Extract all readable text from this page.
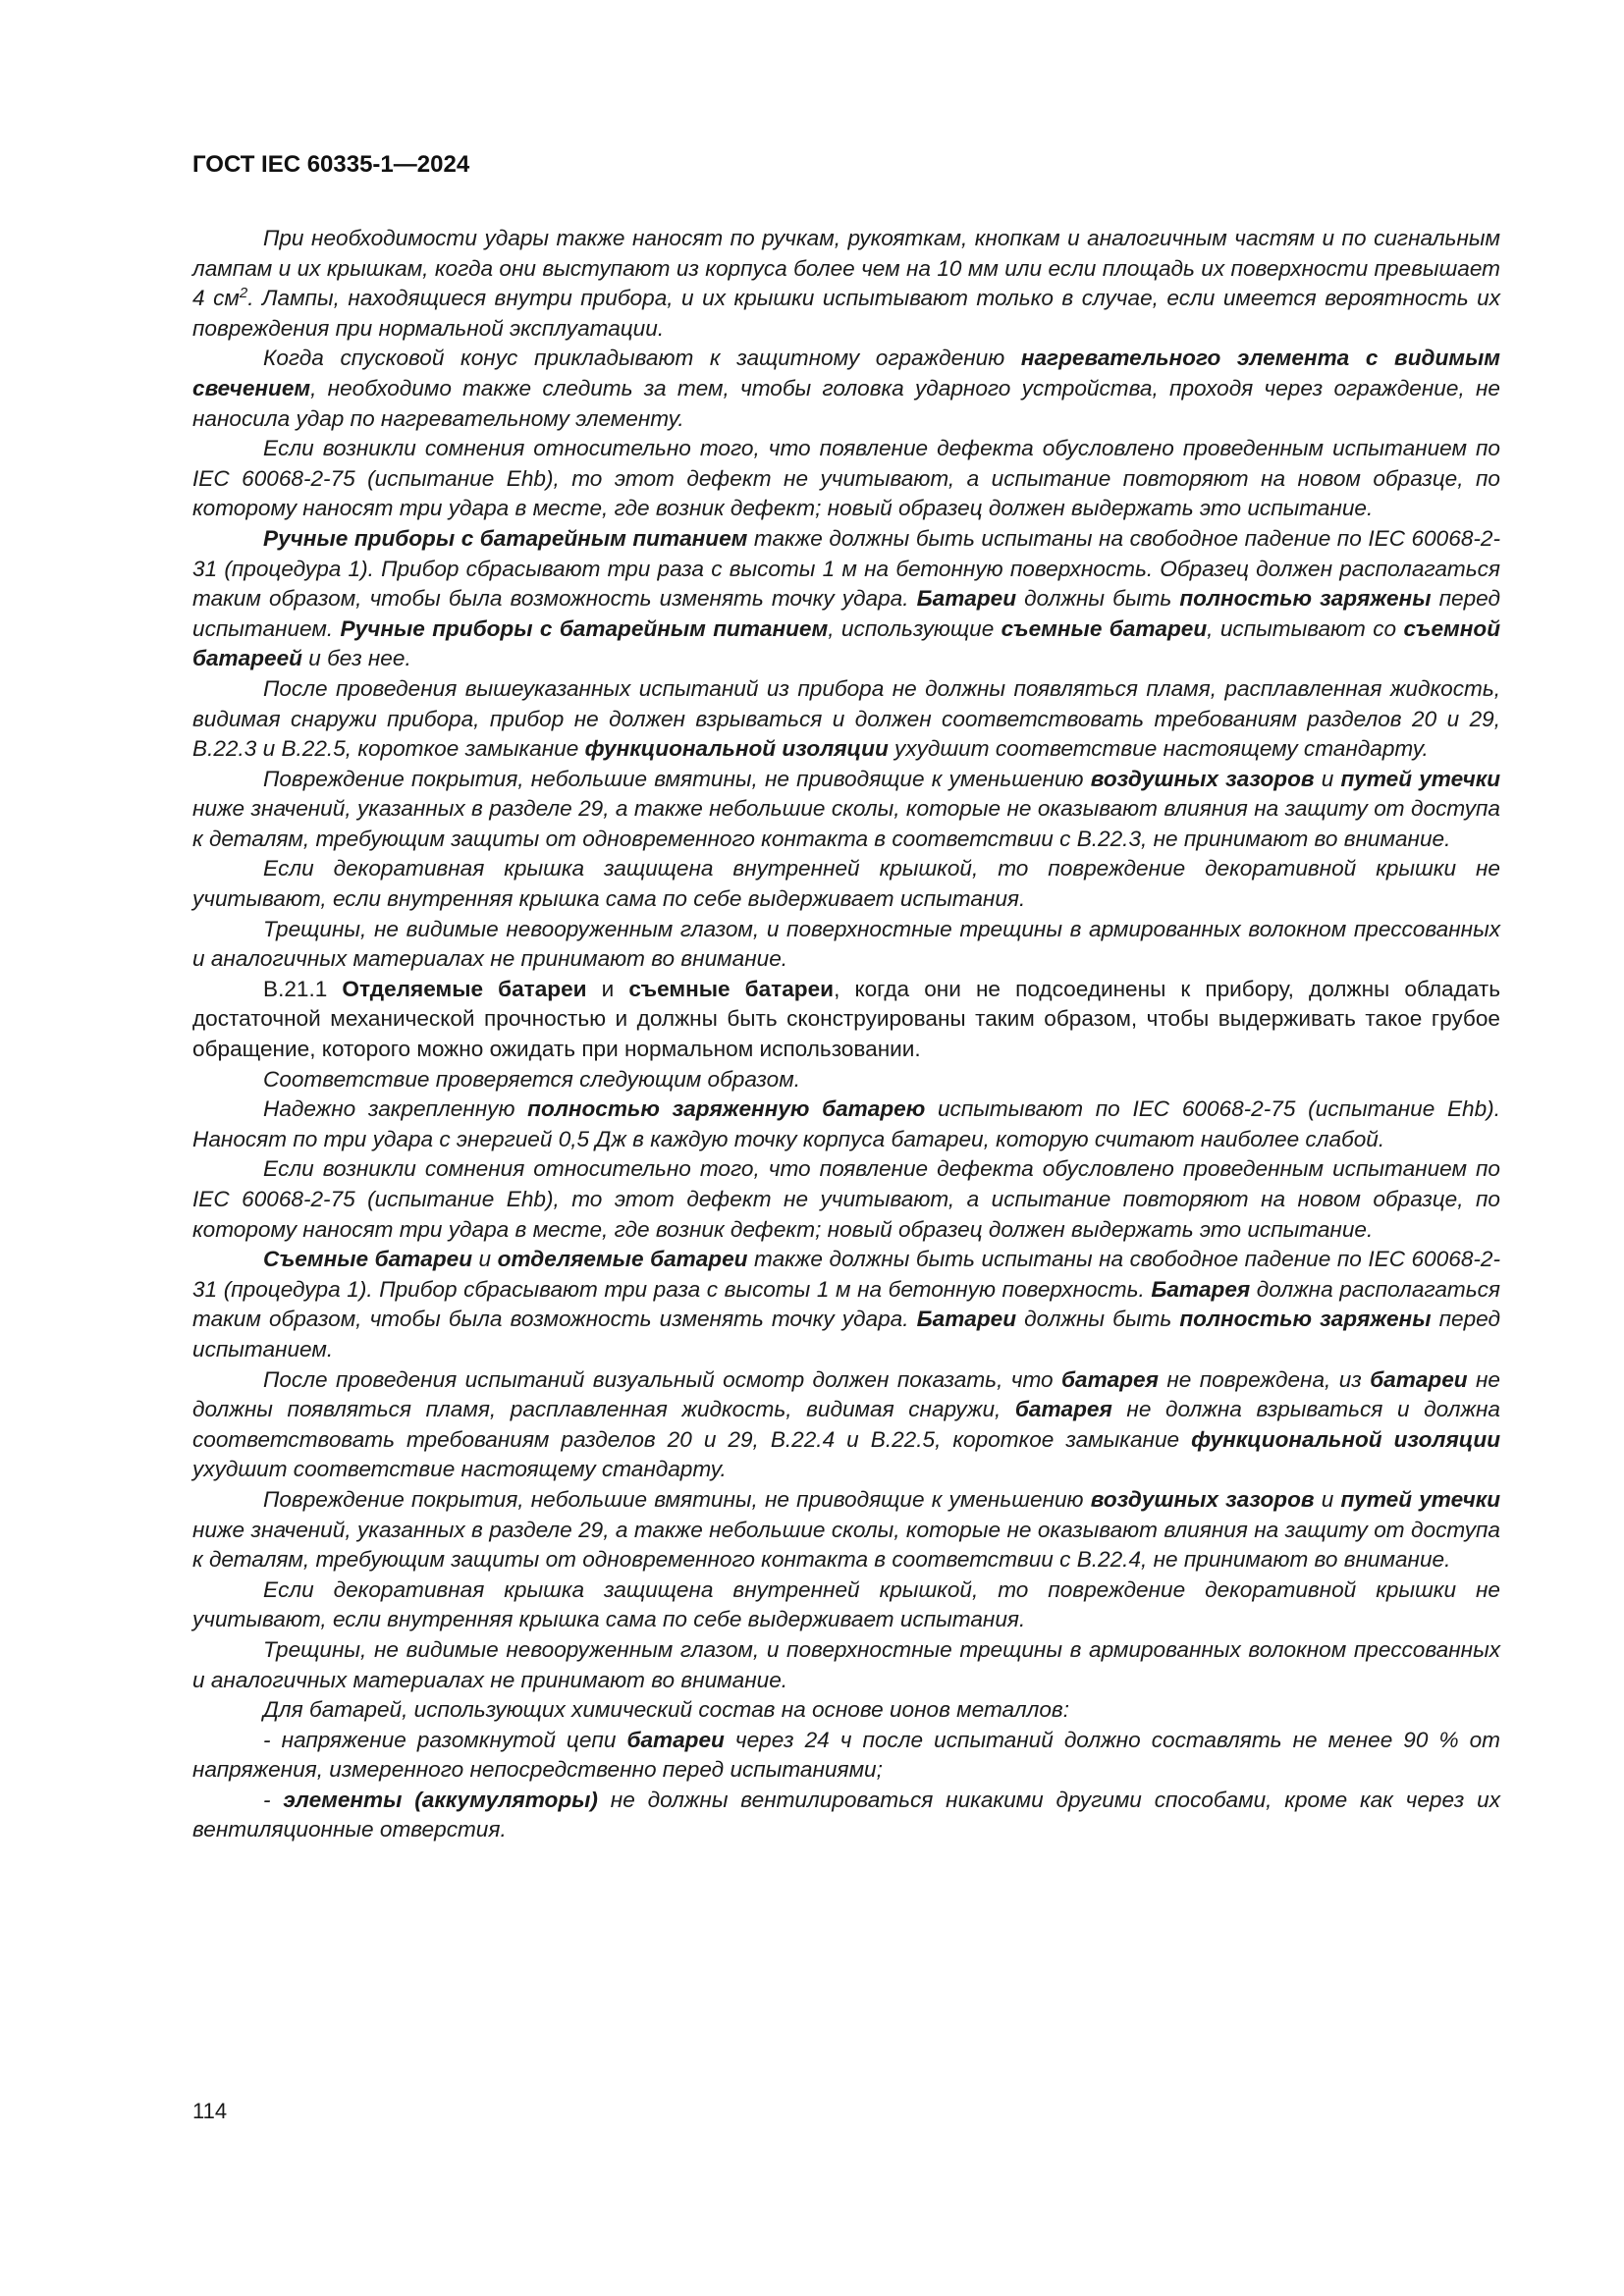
ГОСТ IEC 60335-1—2024

При необходимости удары также наносят по ручкам, рукояткам, кнопкам и аналогичным частям и по сигнальным лампам и их крышкам, когда они выступают из корпуса более чем на 10 мм или если площадь их поверхности превышает 4 $см^2$. Лампы, находящиеся внутри прибора, и их крышки испытывают только в случае, если имеется вероятность их повреждения при нормальной эксплуатации.

Когда спусковой конус прикладывают к защитному ограждению нагревательного элемента с видимым свечением, необходимо также следить за тем, чтобы головка ударного устройства, проходя через ограждение, не наносила удар по нагревательному элементу.

Если возникли сомнения относительно того, что появление дефекта обусловлено проведенным испытанием по IEC 60068-2-75 (испытание Ehb), то этот дефект не учитывают, а испытание повторяют на новом образце, по которому наносят три удара в месте, где возник дефект; новый образец должен выдержать это испытание.

Ручные приборы с батарейным питанием также должны быть испытаны на свободное падение по IEC 60068-2-31 (процедура 1). Прибор сбрасывают три раза с высоты 1 м на бетонную поверхность. Образец должен располагаться таким образом, чтобы была возможность изменять точку удара. Батареи должны быть полностью заряжены перед испытанием. Ручные приборы с батарейным питанием, использующие съемные батареи, испытывают со съемной батареей и без нее.

После проведения вышеуказанных испытаний из прибора не должны появляться пламя, расплавленная жидкость, видимая снаружи прибора, прибор не должен взрываться и должен соответствовать требованиям разделов 20 и 29, B.22.3 и B.22.5, короткое замыкание функциональной изоляции ухудшит соответствие настоящему стандарту.

Повреждение покрытия, небольшие вмятины, не приводящие к уменьшению воздушных зазоров и путей утечки ниже значений, указанных в разделе 29, а также небольшие сколы, которые не оказывают влияния на защиту от доступа к деталям, требующим защиты от одновременного контакта в соответствии с B.22.3, не принимают во внимание.

Если декоративная крышка защищена внутренней крышкой, то повреждение декоративной крышки не учитывают, если внутренняя крышка сама по себе выдерживает испытания.

Трещины, не видимые невооруженным глазом, и поверхностные трещины в армированных волокном прессованных и аналогичных материалах не принимают во внимание.

B.21.1 Отделяемые батареи и съемные батареи, когда они не подсоединены к прибору, должны обладать достаточной механической прочностью и должны быть сконструированы таким образом, чтобы выдерживать такое грубое обращение, которого можно ожидать при нормальном использовании.

Соответствие проверяется следующим образом.

Надежно закрепленную полностью заряженную батарею испытывают по IEC 60068-2-75 (испытание Ehb). Наносят по три удара с энергией 0,5 Дж в каждую точку корпуса батареи, которую считают наиболее слабой.

Если возникли сомнения относительно того, что появление дефекта обусловлено проведенным испытанием по IEC 60068-2-75 (испытание Ehb), то этот дефект не учитывают, а испытание повторяют на новом образце, по которому наносят три удара в месте, где возник дефект; новый образец должен выдержать это испытание.

Съемные батареи и отделяемые батареи также должны быть испытаны на свободное падение по IEC 60068-2-31 (процедура 1). Прибор сбрасывают три раза с высоты 1 м на бетонную поверхность. Батарея должна располагаться таким образом, чтобы была возможность изменять точку удара. Батареи должны быть полностью заряжены перед испытанием.

После проведения испытаний визуальный осмотр должен показать, что батарея не повреждена, из батареи не должны появляться пламя, расплавленная жидкость, видимая снаружи, батарея не должна взрываться и должна соответствовать требованиям разделов 20 и 29, B.22.4 и B.22.5, короткое замыкание функциональной изоляции ухудшит соответствие настоящему стандарту.

Повреждение покрытия, небольшие вмятины, не приводящие к уменьшению воздушных зазоров и путей утечки ниже значений, указанных в разделе 29, а также небольшие сколы, которые не оказывают влияния на защиту от доступа к деталям, требующим защиты от одновременного контакта в соответствии с B.22.4, не принимают во внимание.

Если декоративная крышка защищена внутренней крышкой, то повреждение декоративной крышки не учитывают, если внутренняя крышка сама по себе выдерживает испытания.

Трещины, не видимые невооруженным глазом, и поверхностные трещины в армированных волокном прессованных и аналогичных материалах не принимают во внимание.

Для батарей, использующих химический состав на основе ионов металлов:

- напряжение разомкнутой цепи батареи через 24 ч после испытаний должно составлять не менее 90 % от напряжения, измеренного непосредственно перед испытаниями;

- элементы (аккумуляторы) не должны вентилироваться никакими другими способами, кроме как через их вентиляционные отверстия.

114
